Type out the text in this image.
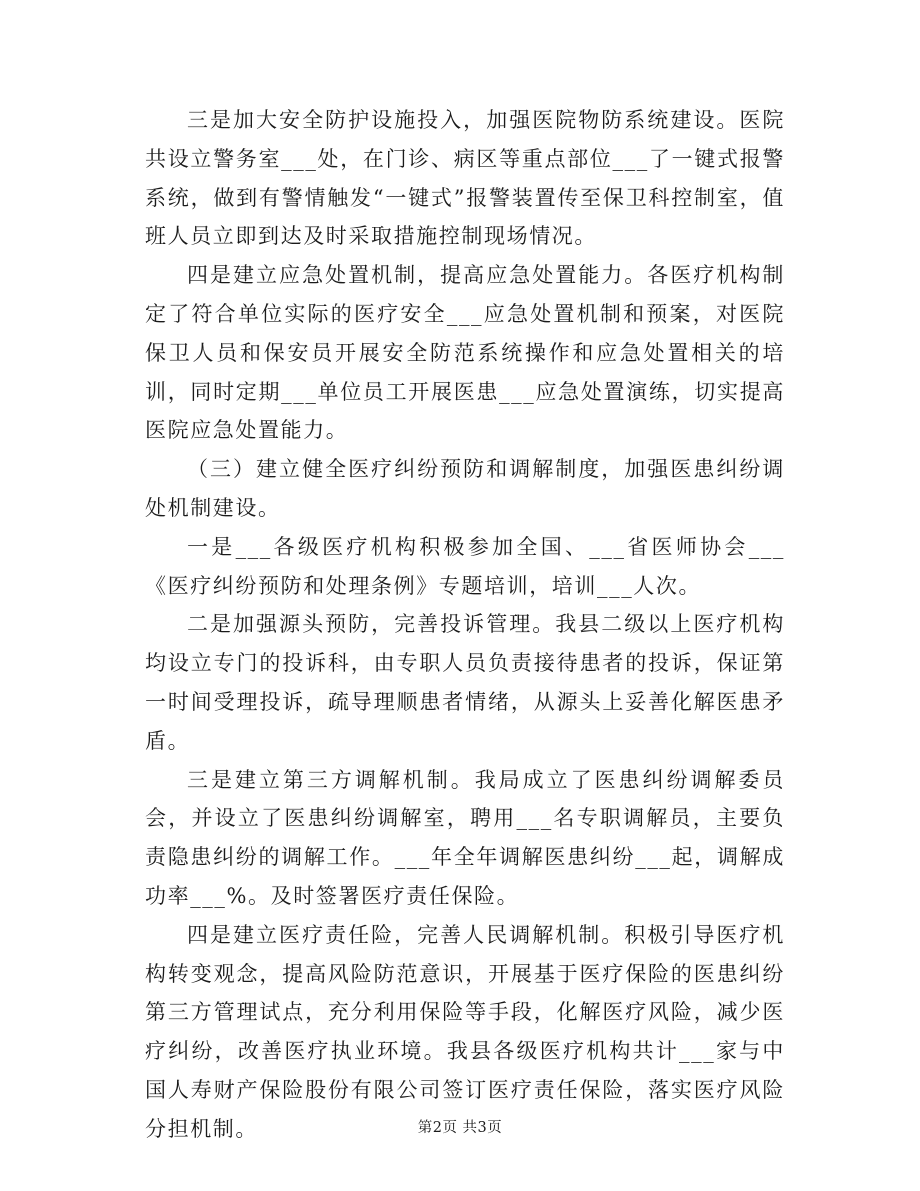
三是加大安全防护设施投入，加强医院物防系统建设。医院共设立警务室___处，在门诊、病区等重点部位___了一键式报警系统，做到有警情触发“一键式”报警装置传至保卫科控制室，值班人员立即到达及时采取措施控制现场情况。

四是建立应急处置机制，提高应急处置能力。各医疗机构制定了符合单位实际的医疗安全___应急处置机制和预案，对医院保卫人员和保安员开展安全防范系统操作和应急处置相关的培训，同时定期___单位员工开展医患___应急处置演练，切实提高医院应急处置能力。

（三）建立健全医疗纠纷预防和调解制度，加强医患纠纷调处机制建设。

一是___各级医疗机构积极参加全国、___省医师协会___《医疗纠纷预防和处理条例》专题培训，培训___人次。

二是加强源头预防，完善投诉管理。我县二级以上医疗机构均设立专门的投诉科，由专职人员负责接待患者的投诉，保证第一时间受理投诉，疏导理顺患者情绪，从源头上妥善化解医患矛盾。

三是建立第三方调解机制。我局成立了医患纠纷调解委员会，并设立了医患纠纷调解室，聘用___名专职调解员，主要负责隐患纠纷的调解工作。___年全年调解医患纠纷___起，调解成功率___%。及时签署医疗责任保险。

四是建立医疗责任险，完善人民调解机制。积极引导医疗机构转变观念，提高风险防范意识，开展基于医疗保险的医患纠纷第三方管理试点，充分利用保险等手段，化解医疗风险，减少医疗纠纷，改善医疗执业环境。我县各级医疗机构共计___家与中国人寿财产保险股份有限公司签订医疗责任保险，落实医疗风险分担机制。	第2页 共3页
